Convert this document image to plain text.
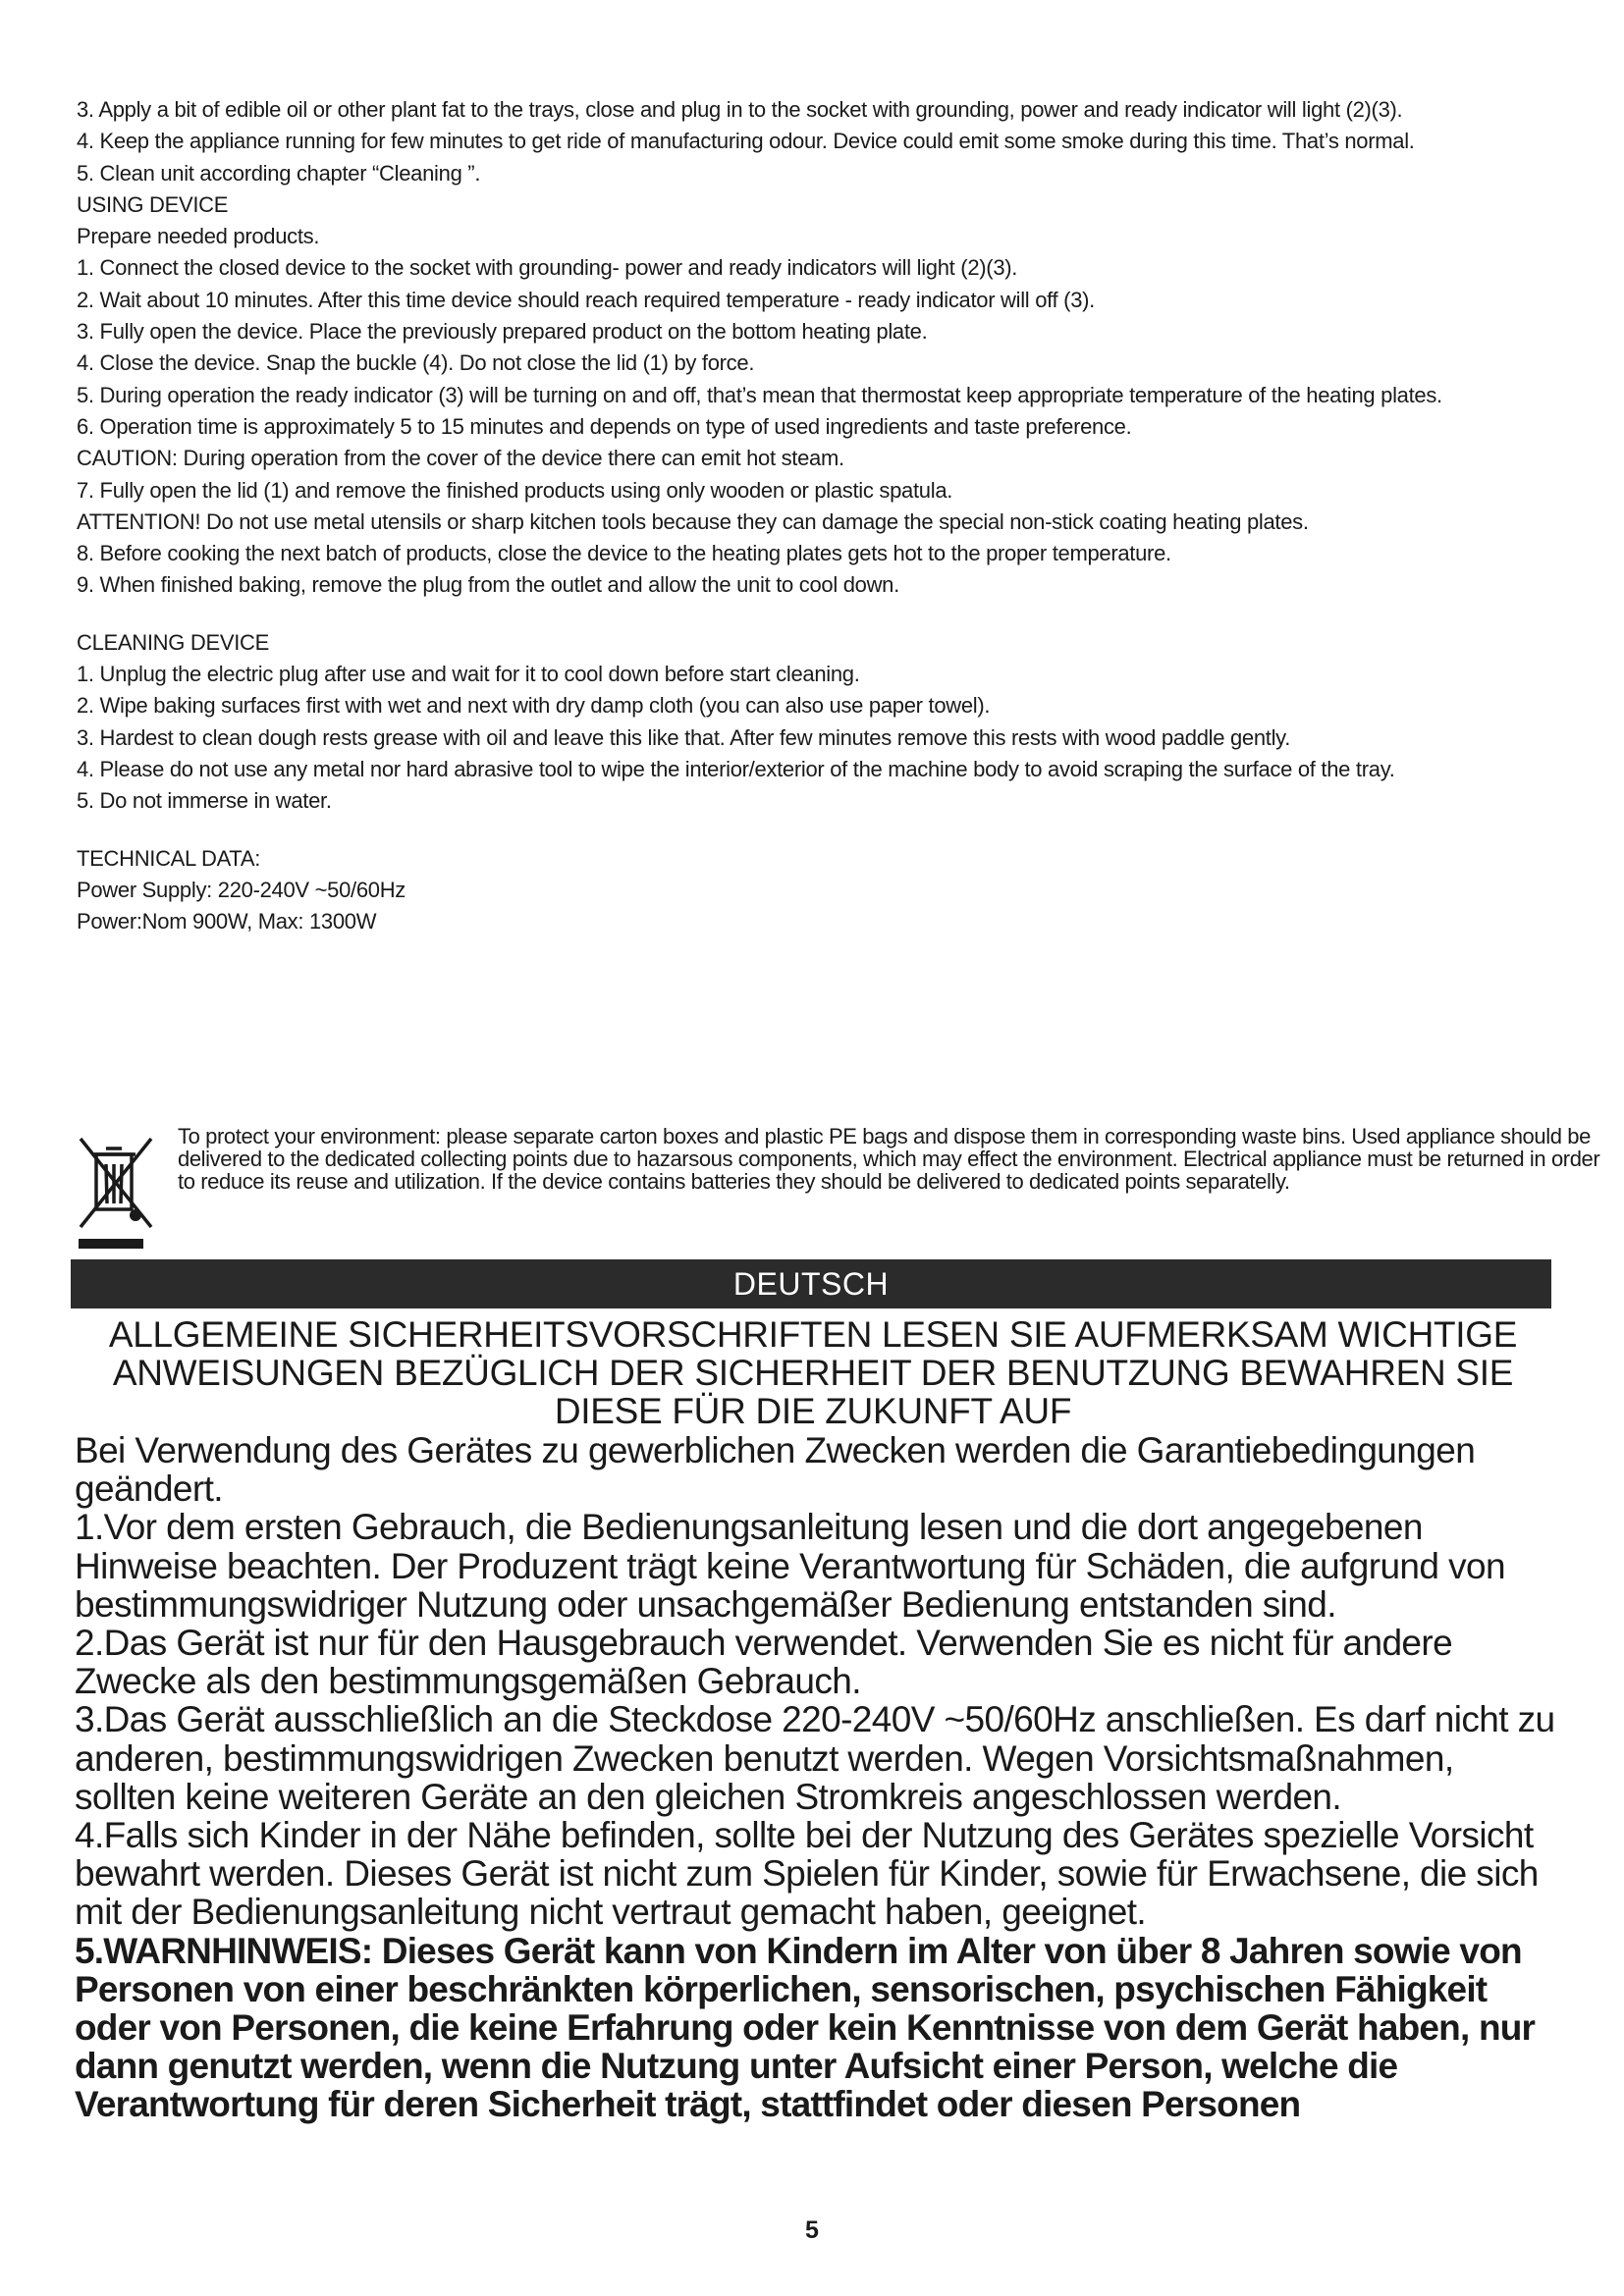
3. Apply a bit of edible oil or other plant fat to the trays, close and plug in to the socket with grounding, power and ready indicator will light (2)(3).

4. Keep the appliance running for few minutes to get ride of manufacturing odour. Device could emit some smoke during this time. That’s normal.

5. Clean unit according chapter “Cleaning ”.

USING DEVICE

Prepare needed products.

1. Connect the closed device to the socket with grounding- power and ready indicators will light (2)(3).

2. Wait about 10 minutes. After this time device should reach required temperature - ready indicator will off (3).

3. Fully open the device. Place the previously prepared product on the bottom heating plate.

4. Close the device. Snap the buckle (4). Do not close the lid (1) by force.

5. During operation the ready indicator (3) will be turning on and off, that’s mean that thermostat keep appropriate temperature of the heating plates.

6. Operation time is approximately 5 to 15 minutes and depends on type of used ingredients and taste preference.

CAUTION: During operation from the cover of the device there can emit hot steam.

7. Fully open the lid (1) and remove the finished products using only wooden or plastic spatula.

ATTENTION! Do not use metal utensils or sharp kitchen tools because they can damage the special non-stick coating heating plates.

8. Before cooking the next batch of products, close the device to the heating plates gets hot to the proper temperature.

9. When finished baking, remove the plug from the outlet and allow the unit to cool down.

CLEANING DEVICE

1. Unplug the electric plug after use and wait for it to cool down before start cleaning.

2. Wipe baking surfaces first with wet and next with dry damp cloth (you can also use paper towel).

3. Hardest to clean dough rests grease with oil and leave this like that. After few minutes remove this rests with wood paddle gently.

4. Please do not use any metal nor hard abrasive tool to wipe the interior/exterior of the machine body to avoid scraping the surface of the tray.

5. Do not immerse in water.

TECHNICAL DATA:

Power Supply: 220-240V ~50/60Hz

Power:Nom 900W, Max: 1300W

To protect your environment: please separate carton boxes and plastic PE bags and dispose them in corresponding waste bins. Used appliance should be delivered to the dedicated collecting points due to hazarsous components, which may effect the environment. Electrical appliance must be returned in order to reduce its reuse and utilization. If the device contains batteries they should be delivered to dedicated points separatelly.
DEUTSCH
ALLGEMEINE SICHERHEITSVORSCHRIFTEN LESEN SIE AUFMERKSAM WICHTIGE
ANWEISUNGEN BEZÜGLICH DER SICHERHEIT DER BENUTZUNG BEWAHREN SIE
DIESE FÜR DIE ZUKUNFT AUF

Bei Verwendung des Gerätes zu gewerblichen Zwecken werden die Garantiebedingungen geändert.

1.Vor dem ersten Gebrauch, die Bedienungsanleitung lesen und die dort angegebenen Hinweise beachten. Der Produzent trägt keine Verantwortung für Schäden, die aufgrund von bestimmungswidriger Nutzung oder unsachgemäßer Bedienung entstanden sind.

2.Das Gerät ist nur für den Hausgebrauch verwendet. Verwenden Sie es nicht für andere Zwecke als den bestimmungsgemäßen Gebrauch.

3.Das Gerät ausschließlich an die Steckdose 220-240V ~50/60Hz anschließen. Es darf nicht zu anderen, bestimmungswidrigen Zwecken benutzt werden. Wegen Vorsichtsmaßnahmen, sollten keine weiteren Geräte an den gleichen Stromkreis angeschlossen werden.

4.Falls sich Kinder in der Nähe befinden, sollte bei der Nutzung des Gerätes spezielle Vorsicht bewahrt werden. Dieses Gerät ist nicht zum Spielen für Kinder, sowie für Erwachsene, die sich mit der Bedienungsanleitung nicht vertraut gemacht haben, geeignet.

5.WARNHINWEIS: Dieses Gerät kann von Kindern im Alter von über 8 Jahren sowie von Personen von einer beschränkten körperlichen, sensorischen, psychischen Fähigkeit oder von Personen, die keine Erfahrung oder kein Kenntnisse von dem Gerät haben, nur dann genutzt werden, wenn die Nutzung unter Aufsicht einer Person, welche die Verantwortung für deren Sicherheit trägt, stattfindet oder diesen Personen

5
